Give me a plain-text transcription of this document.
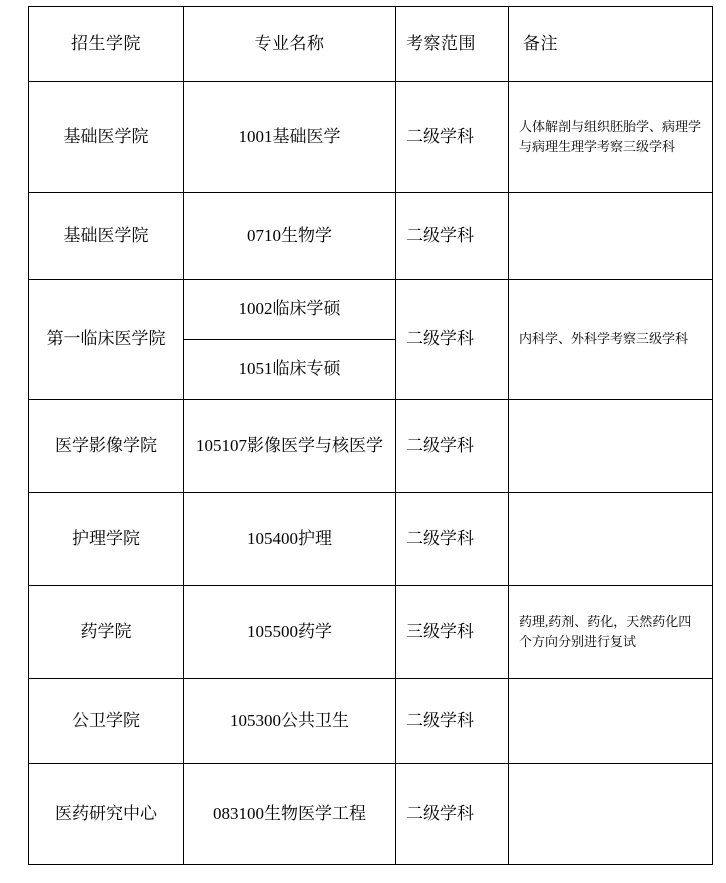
招生学院	专业名称	考察范围	备注
基础医学院	1001基础医学	二级学科	人体解剖与组织胚胎学、病理学与病理生理学考察三级学科
基础医学院	0710生物学	二级学科	
第一临床医学院	1002临床学硕	二级学科	内科学、外科学考察三级学科
	1051临床专硕		
医学影像学院	105107影像医学与核医学	二级学科	
护理学院	105400护理	二级学科	
药学院	105500药学	三级学科	药理,药剂、药化，天然药化四个方向分别进行复试
公卫学院	105300公共卫生	二级学科	
医药研究中心	083100生物医学工程	二级学科	
